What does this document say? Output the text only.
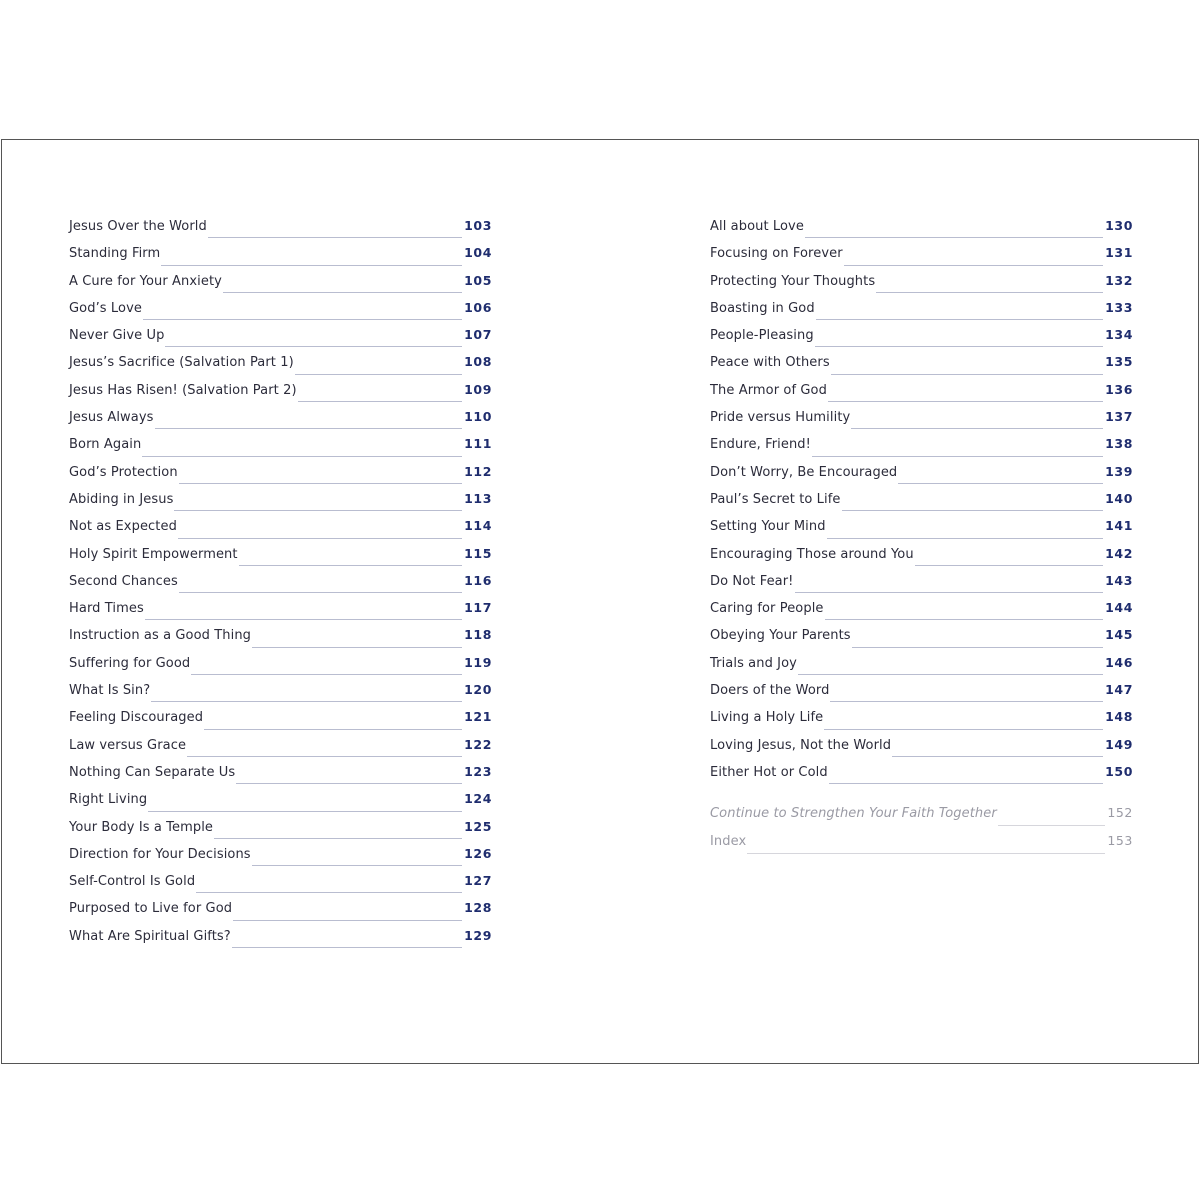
Jesus Over the World	103
Standing Firm	104
A Cure for Your Anxiety	105
God’s Love	106
Never Give Up	107
Jesus’s Sacrifice (Salvation Part 1)	108
Jesus Has Risen! (Salvation Part 2)	109
Jesus Always	110
Born Again	111
God’s Protection	112
Abiding in Jesus	113
Not as Expected	114
Holy Spirit Empowerment	115
Second Chances	116
Hard Times	117
Instruction as a Good Thing	118
Suffering for Good	119
What Is Sin?	120
Feeling Discouraged	121
Law versus Grace	122
Nothing Can Separate Us	123
Right Living	124
Your Body Is a Temple	125
Direction for Your Decisions	126
Self-Control Is Gold	127
Purposed to Live for God	128
What Are Spiritual Gifts?	129
All about Love	130
Focusing on Forever	131
Protecting Your Thoughts	132
Boasting in God	133
People-Pleasing	134
Peace with Others	135
The Armor of God	136
Pride versus Humility	137
Endure, Friend!	138
Don’t Worry, Be Encouraged	139
Paul’s Secret to Life	140
Setting Your Mind	141
Encouraging Those around You	142
Do Not Fear!	143
Caring for People	144
Obeying Your Parents	145
Trials and Joy	146
Doers of the Word	147
Living a Holy Life	148
Loving Jesus, Not the World	149
Either Hot or Cold	150
Continue to Strengthen Your Faith Together	152
Index	153
